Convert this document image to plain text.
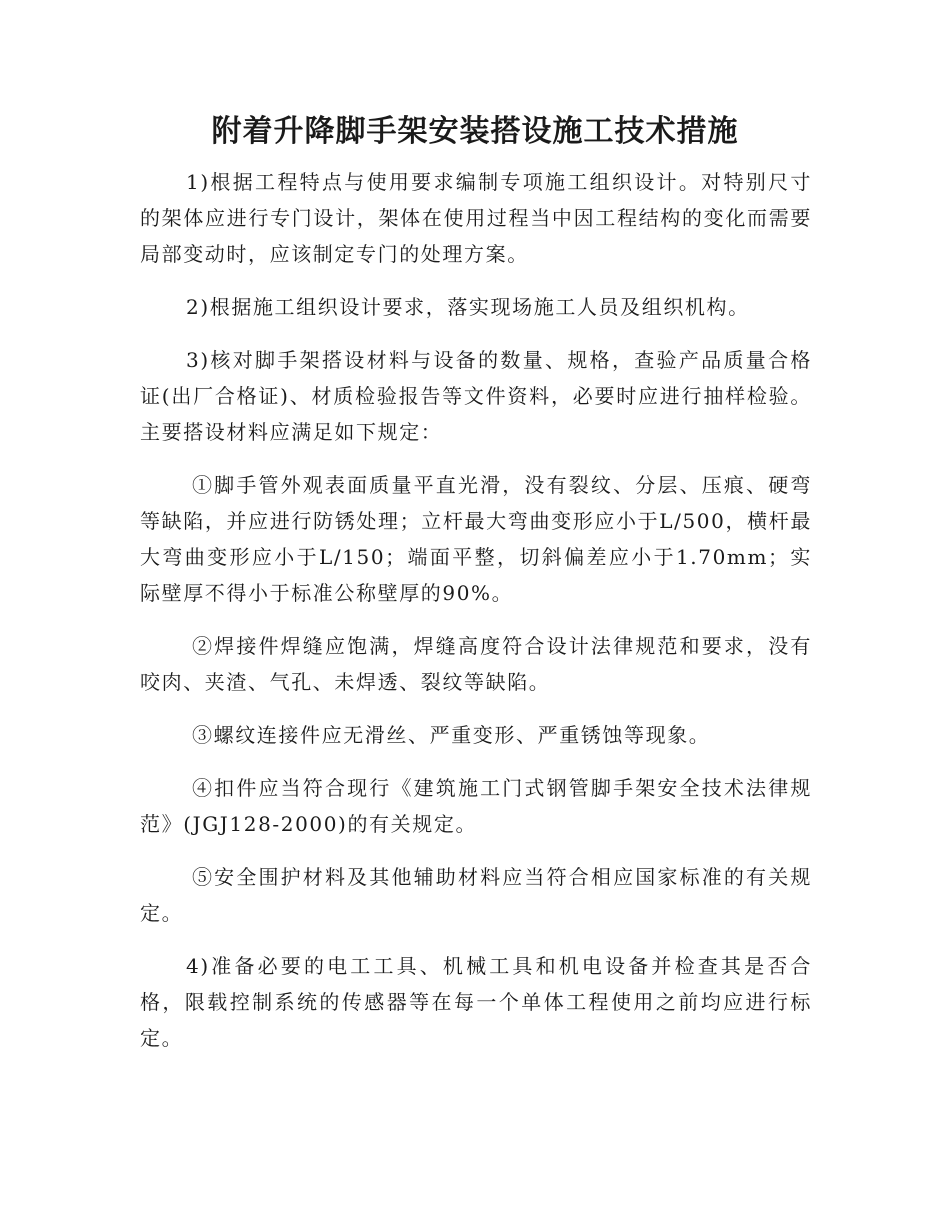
附着升降脚手架安装搭设施工技术措施

1)根据工程特点与使用要求编制专项施工组织设计。对特别尺寸的架体应进行专门设计，架体在使用过程当中因工程结构的变化而需要局部变动时，应该制定专门的处理方案。

2)根据施工组织设计要求，落实现场施工人员及组织机构。

3)核对脚手架搭设材料与设备的数量、规格，查验产品质量合格证(出厂合格证)、材质检验报告等文件资料，必要时应进行抽样检验。主要搭设材料应满足如下规定：

①脚手管外观表面质量平直光滑，没有裂纹、分层、压痕、硬弯等缺陷，并应进行防锈处理；立杆最大弯曲变形应小于L/500，横杆最大弯曲变形应小于L/150；端面平整，切斜偏差应小于1.70mm；实际壁厚不得小于标准公称壁厚的90%。

②焊接件焊缝应饱满，焊缝高度符合设计法律规范和要求，没有咬肉、夹渣、气孔、未焊透、裂纹等缺陷。

③螺纹连接件应无滑丝、严重变形、严重锈蚀等现象。

④扣件应当符合现行《建筑施工门式钢管脚手架安全技术法律规范》(JGJ128-2000)的有关规定。

⑤安全围护材料及其他辅助材料应当符合相应国家标准的有关规定。

4)准备必要的电工工具、机械工具和机电设备并检查其是否合格，限载控制系统的传感器等在每一个单体工程使用之前均应进行标定。
